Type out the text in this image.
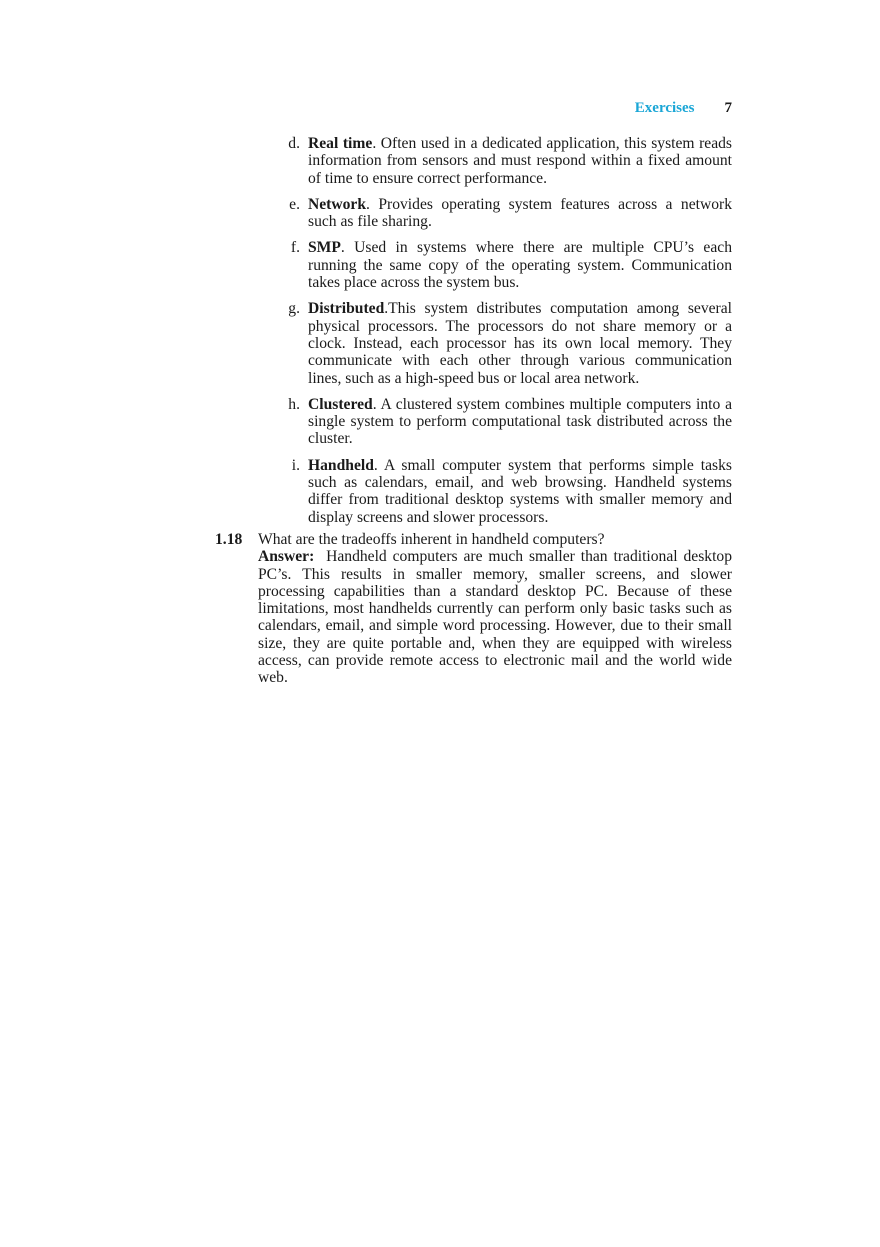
Exercises 7
d. Real time. Often used in a dedicated application, this system reads information from sensors and must respond within a fixed amount of time to ensure correct performance.
e. Network. Provides operating system features across a network such as file sharing.
f. SMP. Used in systems where there are multiple CPU’s each running the same copy of the operating system. Communication takes place across the system bus.
g. Distributed.This system distributes computation among several physical processors. The processors do not share memory or a clock. Instead, each processor has its own local memory. They communicate with each other through various communication lines, such as a high-speed bus or local area network.
h. Clustered. A clustered system combines multiple computers into a single system to perform computational task distributed across the cluster.
i. Handheld. A small computer system that performs simple tasks such as calendars, email, and web browsing. Handheld systems differ from traditional desktop systems with smaller memory and display screens and slower processors.
1.18	What are the tradeoffs inherent in handheld computers?
Answer: Handheld computers are much smaller than traditional desktop PC’s. This results in smaller memory, smaller screens, and slower processing capabilities than a standard desktop PC. Because of these limitations, most handhelds currently can perform only basic tasks such as calendars, email, and simple word processing. However, due to their small size, they are quite portable and, when they are equipped with wireless access, can provide remote access to electronic mail and the world wide web.
